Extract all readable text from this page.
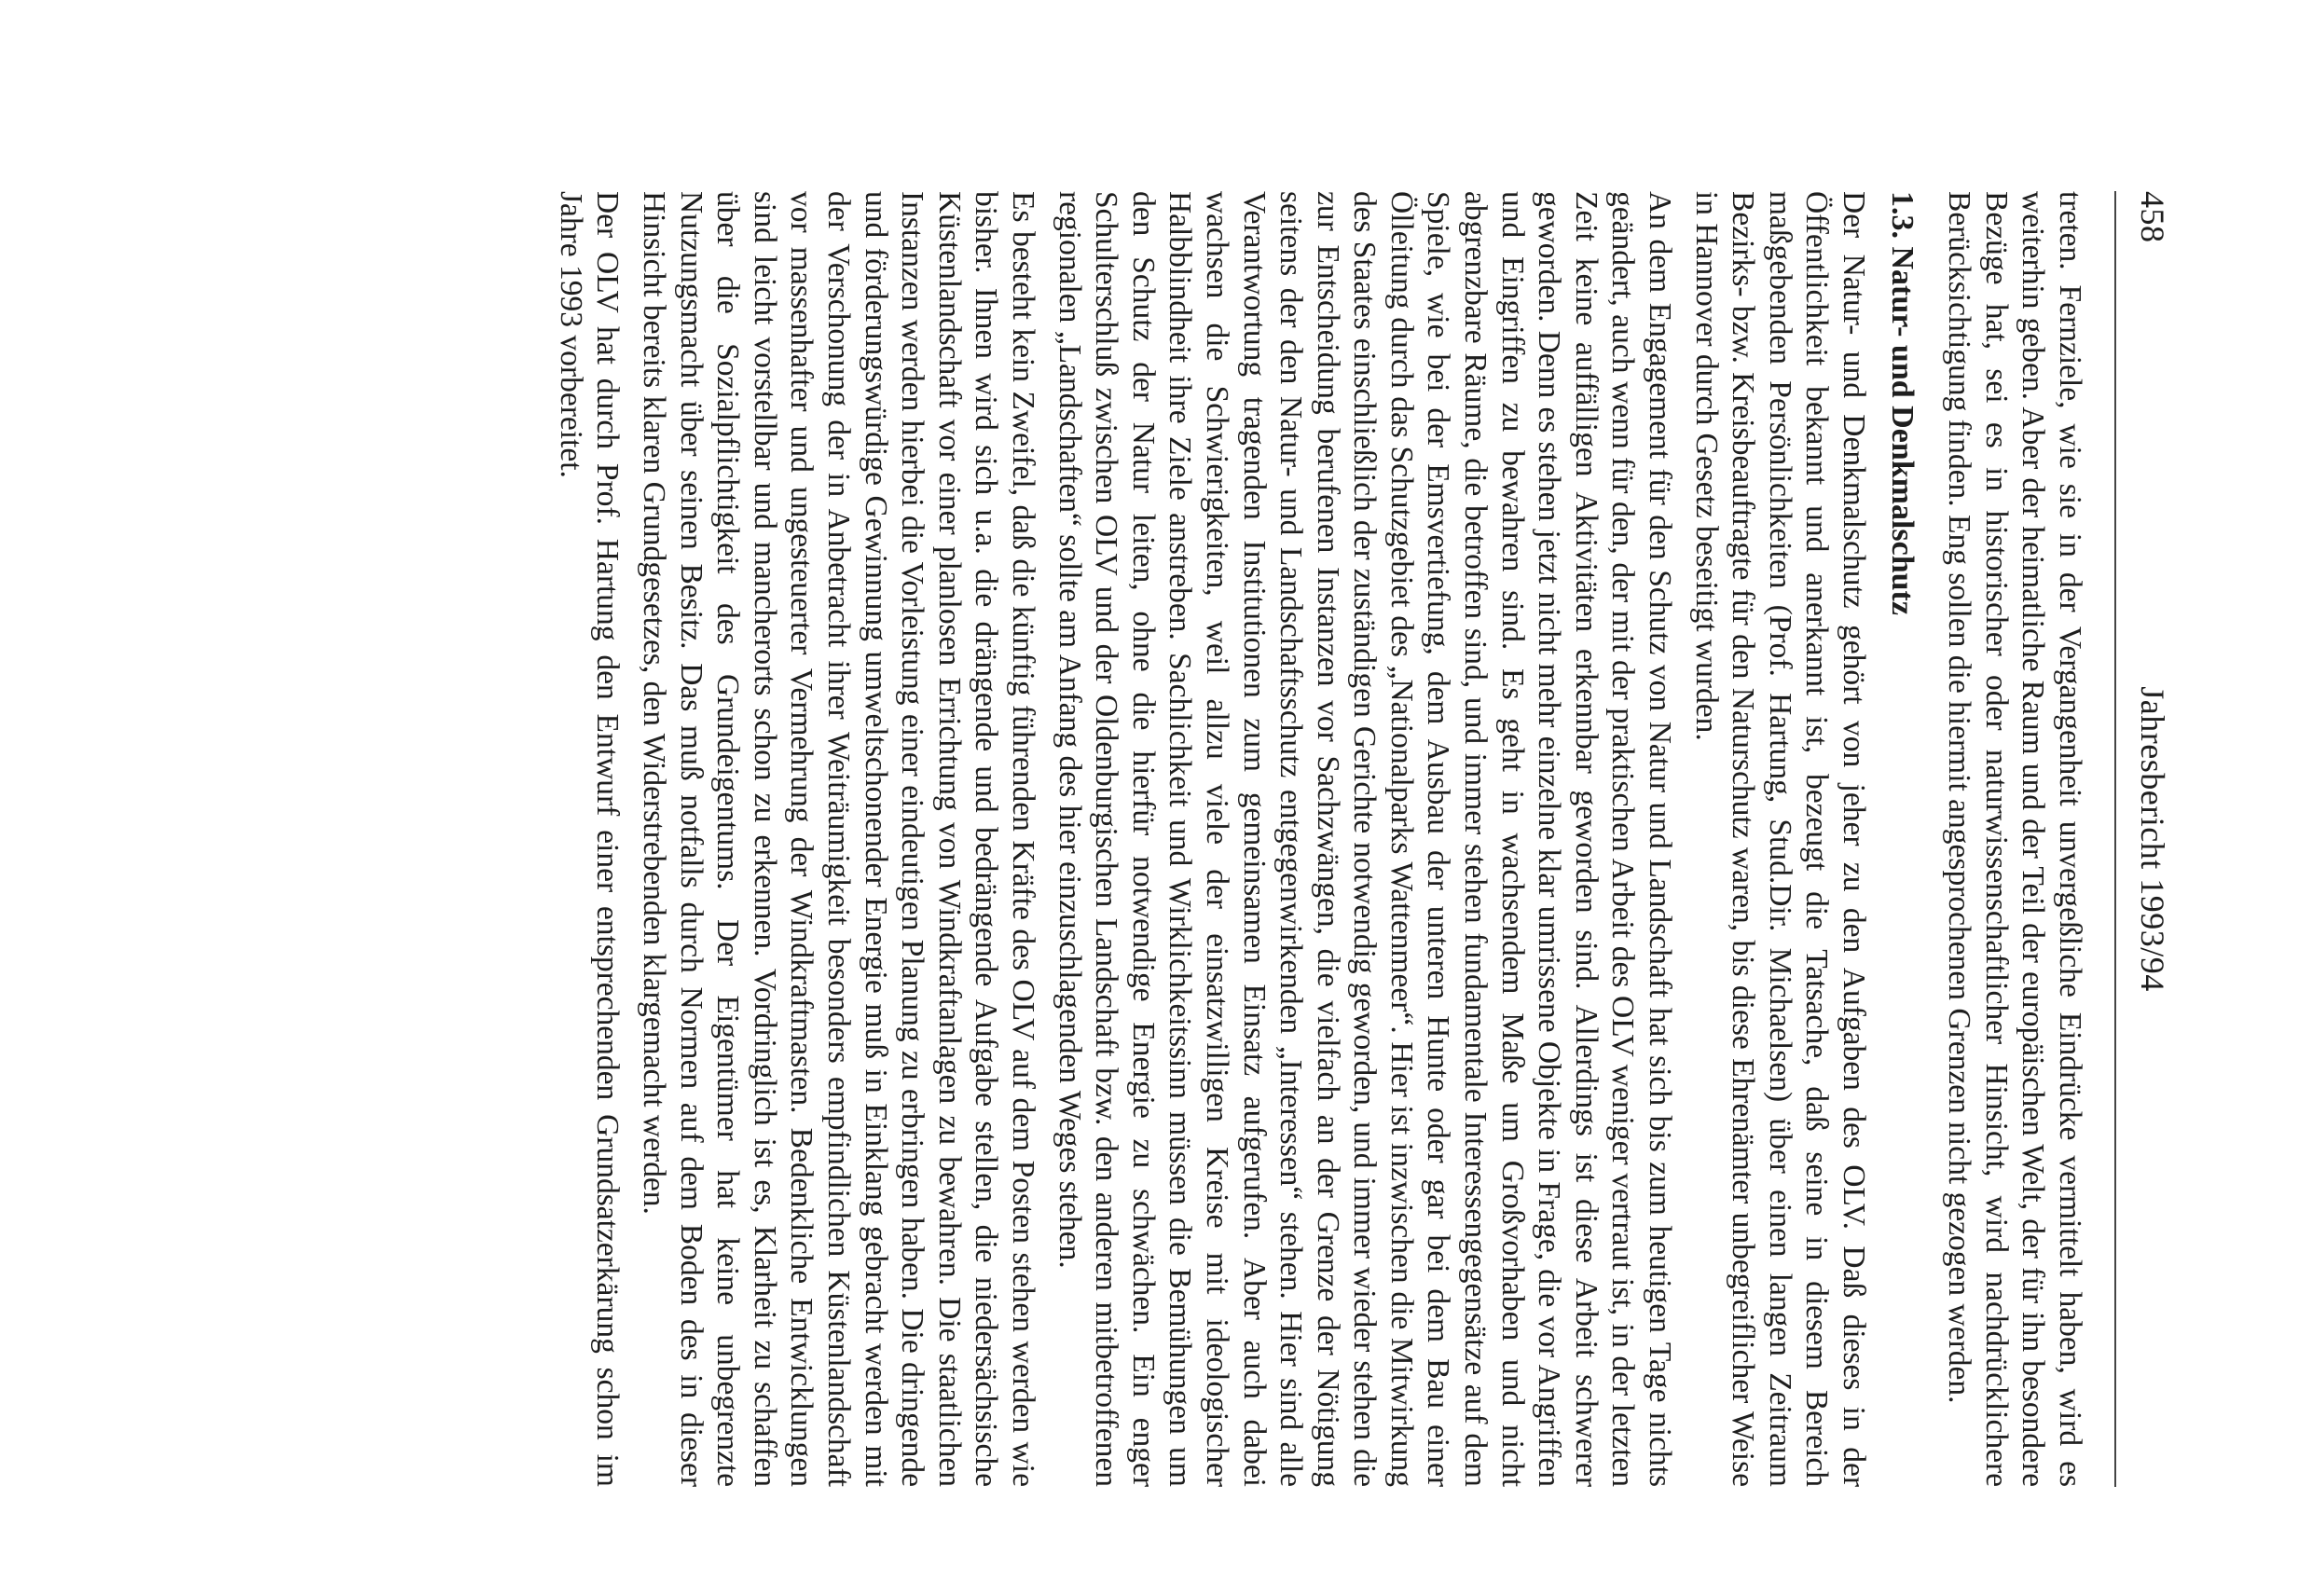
458
Jahresbericht 1993/94

treten. Fernziele, wie sie in der Vergangenheit unvergeßliche Eindrücke vermittelt haben, wird es weiterhin geben. Aber der heimatliche Raum und der Teil der europäischen Welt, der für ihn besondere Bezüge hat, sei es in historischer oder naturwissenschaftlicher Hinsicht, wird nachdrücklichere Berücksichtigung finden. Eng sollen die hiermit angesprochenen Grenzen nicht gezogen werden.

1.3. Natur- und Denkmalschutz

Der Natur- und Denkmalschutz gehört von jeher zu den Aufgaben des OLV. Daß dieses in der Öffentlichkeit bekannt und anerkannt ist, bezeugt die Tatsache, daß seine in diesem Bereich maßgebenden Persönlichkeiten (Prof. Hartung, Stud.Dir. Michaelsen) über einen langen Zeitraum Bezirks- bzw. Kreisbeauftragte für den Naturschutz waren, bis diese Ehrenämter unbegreiflicher Weise in Hannover durch Gesetz beseitigt wurden.

An dem Engagement für den Schutz von Natur und Landschaft hat sich bis zum heutigen Tage nichts geändert, auch wenn für den, der mit der praktischen Arbeit des OLV weniger vertraut ist, in der letzten Zeit keine auffälligen Aktivitäten erkennbar geworden sind. Allerdings ist diese Arbeit schwerer geworden. Denn es stehen jetzt nicht mehr einzelne klar umrissene Objekte in Frage, die vor Angriffen und Eingriffen zu bewahren sind. Es geht in wachsendem Maße um Großvorhaben und nicht abgrenzbare Räume, die betroffen sind, und immer stehen fundamentale Interessengegensätze auf dem Spiele, wie bei der Emsvertiefung, dem Ausbau der unteren Hunte oder gar bei dem Bau einer Ölleitung durch das Schutzgebiet des „Nationalparks Wattenmeer“. Hier ist inzwischen die Mitwirkung des Staates einschließlich der zuständigen Gerichte notwendig geworden, und immer wieder stehen die zur Entscheidung berufenen Instanzen vor Sachzwängen, die vielfach an der Grenze der Nötigung seitens der den Natur- und Landschaftsschutz entgegenwirkenden „Interessen“ stehen. Hier sind alle Verantwortung tragenden Institutionen zum gemeinsamen Einsatz aufgerufen. Aber auch dabei wachsen die Schwierigkeiten, weil allzu viele der einsatzwilligen Kreise mit ideologischer Halbblindheit ihre Ziele anstreben. Sachlichkeit und Wirklichkeitssinn müssen die Bemühungen um den Schutz der Natur leiten, ohne die hierfür notwendige Energie zu schwächen. Ein enger Schulterschluß zwischen OLV und der Oldenburgischen Landschaft bzw. den anderen mitbetroffenen regionalen „Landschaften“ sollte am Anfang des hier einzuschlagenden Weges stehen.

Es besteht kein Zweifel, daß die künftig führenden Kräfte des OLV auf dem Posten stehen werden wie bisher. Ihnen wird sich u.a. die drängende und bedrängende Aufgabe stellen, die niedersächsische Küstenlandschaft vor einer planlosen Errichtung von Windkraftanlagen zu bewahren. Die staatlichen Instanzen werden hierbei die Vorleistung einer eindeutigen Planung zu erbringen haben. Die dringende und förderungswürdige Gewinnung umweltschonender Energie muß in Einklang gebracht werden mit der Verschonung der in Anbetracht ihrer Weiträumigkeit besonders empfindlichen Küstenlandschaft vor massenhafter und ungesteuerter Vermehrung der Windkraftmasten. Bedenkliche Entwicklungen sind leicht vorstellbar und mancherorts schon zu erkennen. Vordringlich ist es, Klarheit zu schaffen über die Sozialpflichtigkeit des Grundeigentums. Der Eigentümer hat keine unbegrenzte Nutzungsmacht über seinen Besitz. Das muß notfalls durch Normen auf dem Boden des in dieser Hinsicht bereits klaren Grundgesetzes, den Widerstrebenden klargemacht werden.

Der OLV hat durch Prof. Hartung den Entwurf einer entsprechenden Grundsatzerkärung schon im Jahre 1993 vorbereitet.
